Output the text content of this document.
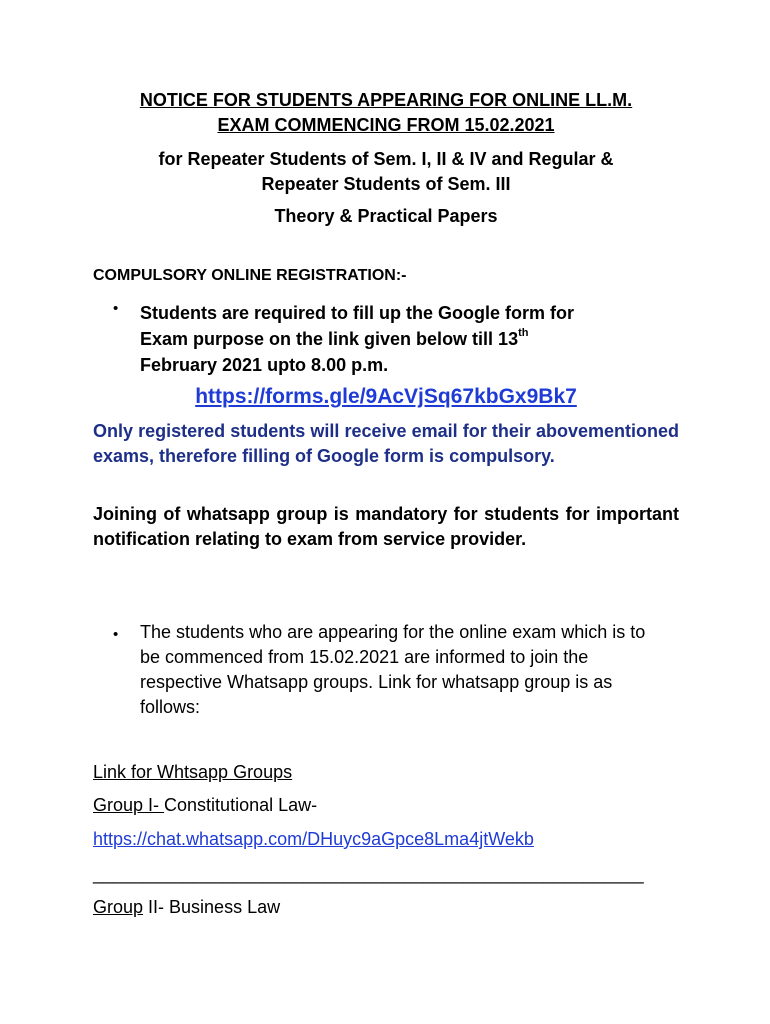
NOTICE FOR STUDENTS APPEARING FOR ONLINE LL.M.
EXAM COMMENCING FROM 15.02.2021
for Repeater Students of Sem. I, II & IV and Regular &
Repeater Students of Sem. III
Theory & Practical Papers
COMPULSORY ONLINE REGISTRATION:-
• Students are required to fill up the Google form for
Exam purpose on the link given below till 13th
February 2021 upto 8.00 p.m.
https://forms.gle/9AcVjSq67kbGx9Bk7
Only registered students will receive email for their abovementioned exams, therefore filling of Google form is compulsory.
Joining of whatsapp group is mandatory for students for important notification relating to exam from service provider.
• The students who are appearing for the online exam which is to be commenced from 15.02.2021 are informed to join the respective Whatsapp groups. Link for whatsapp group is as follows:
Link for Whtsapp Groups
Group I- Constitutional Law-
https://chat.whatsapp.com/DHuyc9aGpce8Lma4jtWekb
_______________________________________________________
Group II- Business Law
